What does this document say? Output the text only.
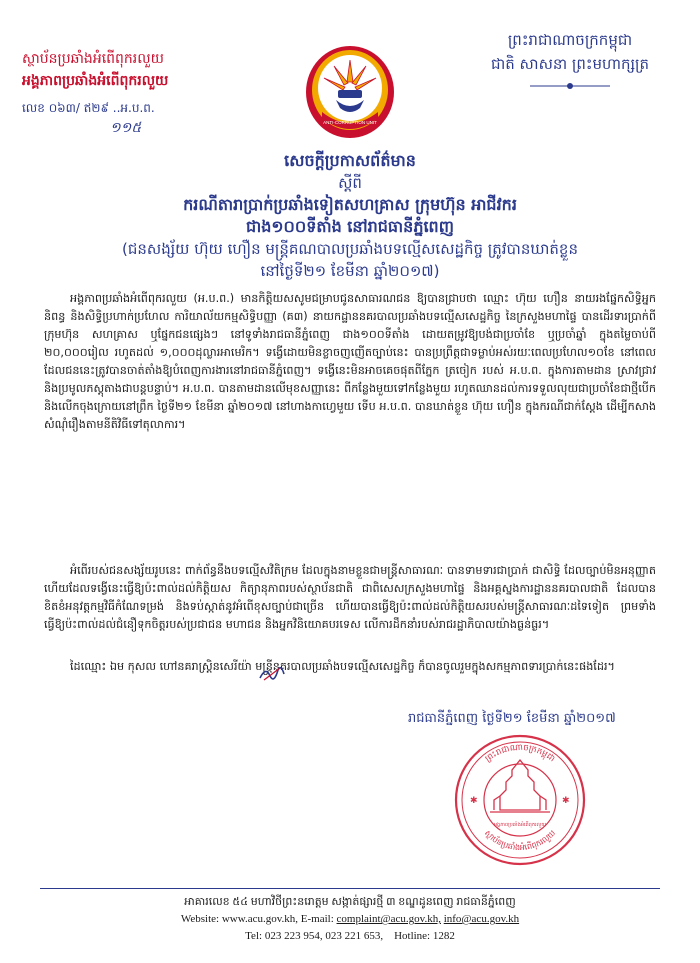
ស្ថាប័នប្រឆាំងអំពើពុករលួយ
អង្គភាពប្រឆាំងអំពើពុករលួយ
លេខ ០៦៣/ ឥ២៩ ..អ.ប.ព.
១១៥	ANTI-CORRUPTION UNIT
ព្រះរាជាណាចក្រកម្ពុជា
ជាតិ សាសនា ព្រះមហាក្សត្រ
សេចក្តីប្រកាសព័ត៌មាន
ស្តីពី
ករណីតារាប្រាក់ប្រឆាំងទៀតសហគ្រាស ក្រុមហ៊ុន អាជីវករ
ជាង១០០ទីតាំង នៅរាជធានីភ្នំពេញ
(ជនសង្ស័យ ហ៊ុយ ហឿន មន្ត្រីគណបាលប្រឆាំងបទល្មើសសេដ្ឋកិច្ច ត្រូវបានឃាត់ខ្លួន
នៅថ្ងៃទី២១ ខែមីនា ឆ្នាំ២០១៧)
អង្គភាពប្រឆាំងអំពើពុករលួយ (អ.ប.ព.) មានកិត្តិយសសូមជម្រាបជូនសាធារណជន ឱ្យបានជ្រាបថា ឈ្មោះ ហ៊ុយ ហឿន នាយរងផ្នែកសិទ្ធិអ្នកនិពន្ធ និងសិទ្ធិប្រហាក់ប្រហែល ការិយាល័យកម្មសិទ្ធិបញ្ញា (គ៣) នាយកដ្ឋាននគរបាលប្រឆាំងបទល្មើសសេដ្ឋកិច្ច នៃក្រសួងមហាផ្ទៃ បានដើរទារប្រាក់ពីក្រុមហ៊ុន សហគ្រាស ឬផ្នែកជនផ្សេងៗ នៅទូទាំងរាជធានីភ្នំពេញ ជាង១០០ទីតាំង ដោយតម្រូវឱ្យបង់ជាប្រចាំខែ ឬប្រចាំឆ្នាំ ក្នុងតម្លៃចាប់ពី ២០,០០០រៀល រហូតដល់ ១,០០០ដុល្លារអាមេរិក។ ទង្វើដោយមិនខ្លាចញញើតច្បាប់នេះ បានប្រព្រឹត្តជាទម្លាប់អស់រយៈពេលប្រហែល១០ខែ នៅពេលដែលជននេះត្រូវបានចាត់តាំងឱ្យបំពេញការងារនៅរាជធានីភ្នំពេញ។ ទង្វើនេះមិនអាចគេចផុតពីភ្នែក ត្រចៀក របស់ អ.ប.ព. ក្នុងការតាមដាន ស្រាវជ្រាវ និងប្រមូលភស្តុតាងជាបន្តបន្ទាប់។ អ.ប.ព. បានតាមដានលើមុខសញ្ញានេះ ពីកន្លែងមួយទៅកន្លែងមួយ រហូតឈានដល់ការទទួលលុយជាប្រចាំខែជាថ្មីបើក និងលើកចុងក្រោយនៅព្រឹក ថ្ងៃទី២១ ខែមីនា ឆ្នាំ២០១៧ នៅហាងកាហ្វេមួយ ទើប អ.ប.ព. បានឃាត់ខ្លួន ហ៊ុយ ហឿន ក្នុងករណីជាក់ស្តែង ដើម្បីកសាងសំណុំរឿងតាមនីតិវិធីទៅតុលាការ។
អំពើរបស់ជនសង្ស័យរូបនេះ ពាក់ព័ន្ធនឹងបទល្មើសវិតិក្រម ដែលក្នុងនាមខ្លួនជាមន្ត្រីសាធារណៈ បានទាមទារជាប្រាក់ ជាសិទ្ធិ ដែលច្បាប់មិនអនុញ្ញាត ហើយដែលទង្វើនេះធ្វើឱ្យប៉ះពាល់ដល់កិត្តិយស កិត្យានុភាពរបស់ស្ថាប័នជាតិ ជាពិសេសក្រសួងមហាផ្ទៃ និងអគ្គស្នងការដ្ឋាននគរបាលជាតិ ដែលបានខិតខំអនុវត្តកម្មវិធីកំណែទម្រង់ និងទប់ស្កាត់នូវអំពើខុសច្បាប់ជាច្រើន ហើយបានធ្វើឱ្យប៉ះពាល់ដល់កិត្តិយសរបស់មន្ត្រីសាធារណៈដទៃទៀត ព្រមទាំងធ្វើឱ្យប៉ះពាល់ដល់ជំនឿទុកចិត្តរបស់ប្រជាជន មហាជន និងអ្នកវិនិយោគបរទេស លើការដឹកនាំរបស់រាជរដ្ឋាភិបាលយ៉ាងធ្ងន់ធ្ងរ។
ដៃឈ្មោះ ឯម កុសល ហៅនគរាស្ត្រិនសេរីយ៉ា មន្ត្រីនគរបាលប្រឆាំងបទល្មើសសេដ្ឋកិច្ច ក៏បានចូលរួមក្នុងសកម្មភាពទារប្រាក់នេះផងដែរ។
រាជធានីភ្នំពេញ ថ្ងៃទី២១ ខែមីនា ឆ្នាំ២០១៧
ព្រះរាជាណាចក្រកម្ពុជា
ស្ថាប័នប្រឆាំងអំពើពុករលួយ
អង្គភាពប្រឆាំងអំពើពុករលួយ
✱	✱
អាគារលេខ ៥៤ មហាវិថីព្រះនរោត្តម សង្កាត់ផ្សារថ្មី ៣ ខណ្ឌដូនពេញ រាជធានីភ្នំពេញ
Website: www.acu.gov.kh, E-mail: complaint@acu.gov.kh, info@acu.gov.kh
Tel: 023 223 954, 023 221 653, Hotline: 1282
